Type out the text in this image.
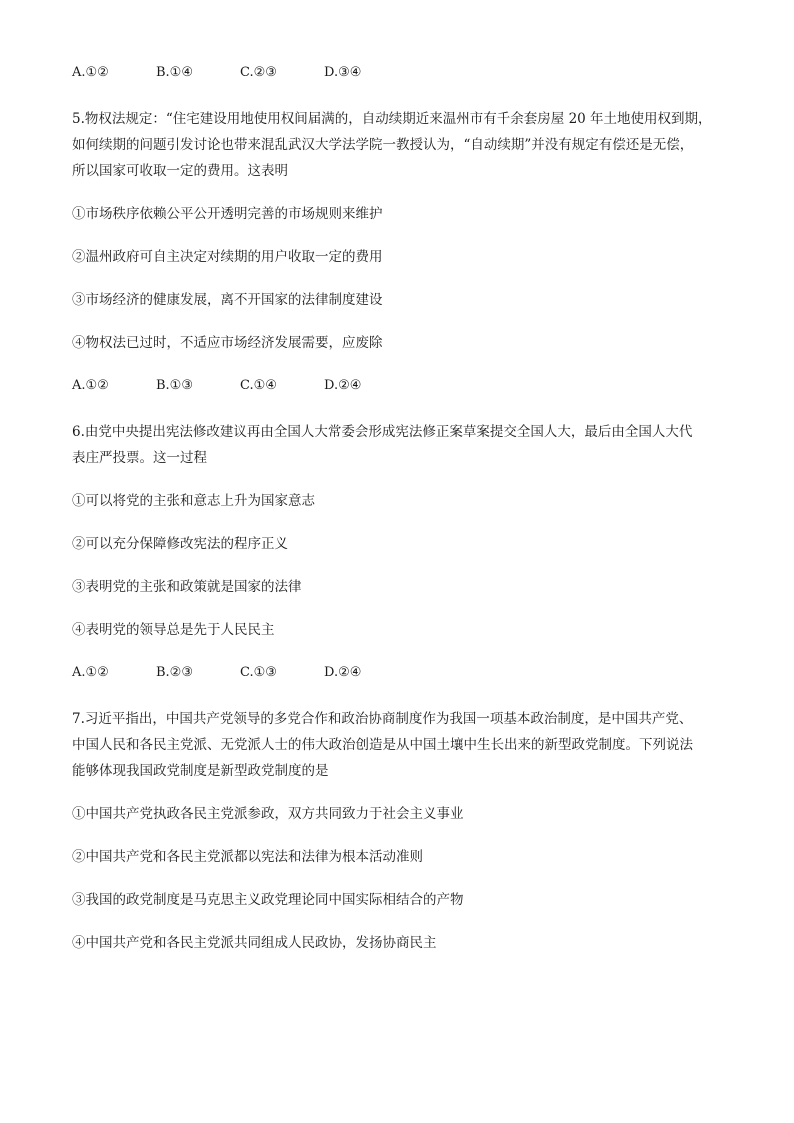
A.①②	B.①④	C.②③	D.③④
5.物权法规定：“住宅建设用地使用权间届满的，自动续期近来温州市有千余套房屋 20 年土地使用权到期，
如何续期的问题引发讨论也带来混乱武汉大学法学院一教授认为，“自动续期”并没有规定有偿还是无偿，
所以国家可收取一定的费用。这表明

①市场秩序依赖公平公开透明完善的市场规则来维护

②温州政府可自主决定对续期的用户收取一定的费用

③市场经济的健康发展，离不开国家的法律制度建设

④物权法已过时，不适应市场经济发展需要，应废除

A.①②	B.①③	C.①④	D.②④
6.由党中央提出宪法修改建议再由全国人大常委会形成宪法修正案草案提交全国人大，最后由全国人大代
表庄严投票。这一过程

①可以将党的主张和意志上升为国家意志

②可以充分保障修改宪法的程序正义

③表明党的主张和政策就是国家的法律

④表明党的领导总是先于人民民主

A.①②	B.②③	C.①③	D.②④
7.习近平指出，中国共产党领导的多党合作和政治协商制度作为我国一项基本政治制度，是中国共产党、
中国人民和各民主党派、无党派人士的伟大政治创造是从中国土壤中生长出来的新型政党制度。下列说法
能够体现我国政党制度是新型政党制度的是

①中国共产党执政各民主党派参政，双方共同致力于社会主义事业

②中国共产党和各民主党派都以宪法和法律为根本活动准则

③我国的政党制度是马克思主义政党理论同中国实际相结合的产物

④中国共产党和各民主党派共同组成人民政协，发扬协商民主
